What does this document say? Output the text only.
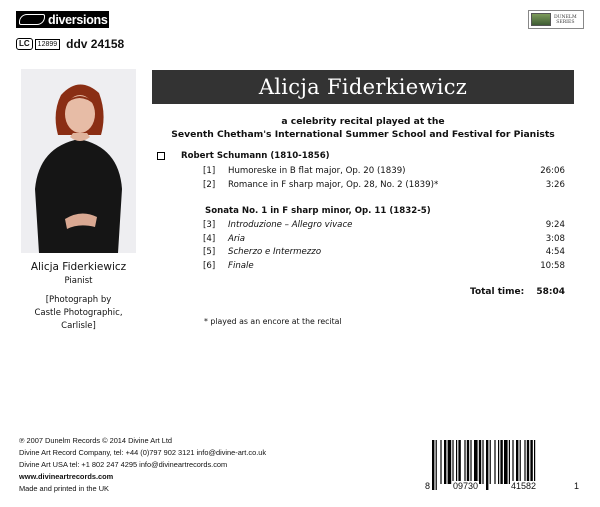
diversions
LC	12899 ddv 24158
DUNELM
SERIES
Alicja Fiderkiewicz
Pianist
[Photograph by
Castle Photographic,
Carlisle]
Alicja Fiderkiewicz
a celebrity recital played at the
Seventh Chetham's International Summer School and Festival for Pianists
Robert Schumann (1810-1856)
[1] Humoreske in B flat major, Op. 20 (1839)	26:06
[2] Romance in F sharp major, Op. 28, No. 2 (1839)*	3:26
Sonata No. 1 in F sharp minor, Op. 11 (1832-5)
[3] Introduzione – Allegro vivace	9:24
[4] Aria	3:08
[5] Scherzo e Intermezzo	4:54
[6] Finale	10:58
Total time:	58:04
* played as an encore at the recital
℗ 2007 Dunelm Records © 2014 Divine Art Ltd
Divine Art Record Company, tel: +44 (0)797 902 3121 info@divine-art.co.uk
Divine Art USA tel: +1 802 247 4295 info@divineartrecords.com
www.divineartrecords.com
Made and printed in the UK	8	09730	41582	1
